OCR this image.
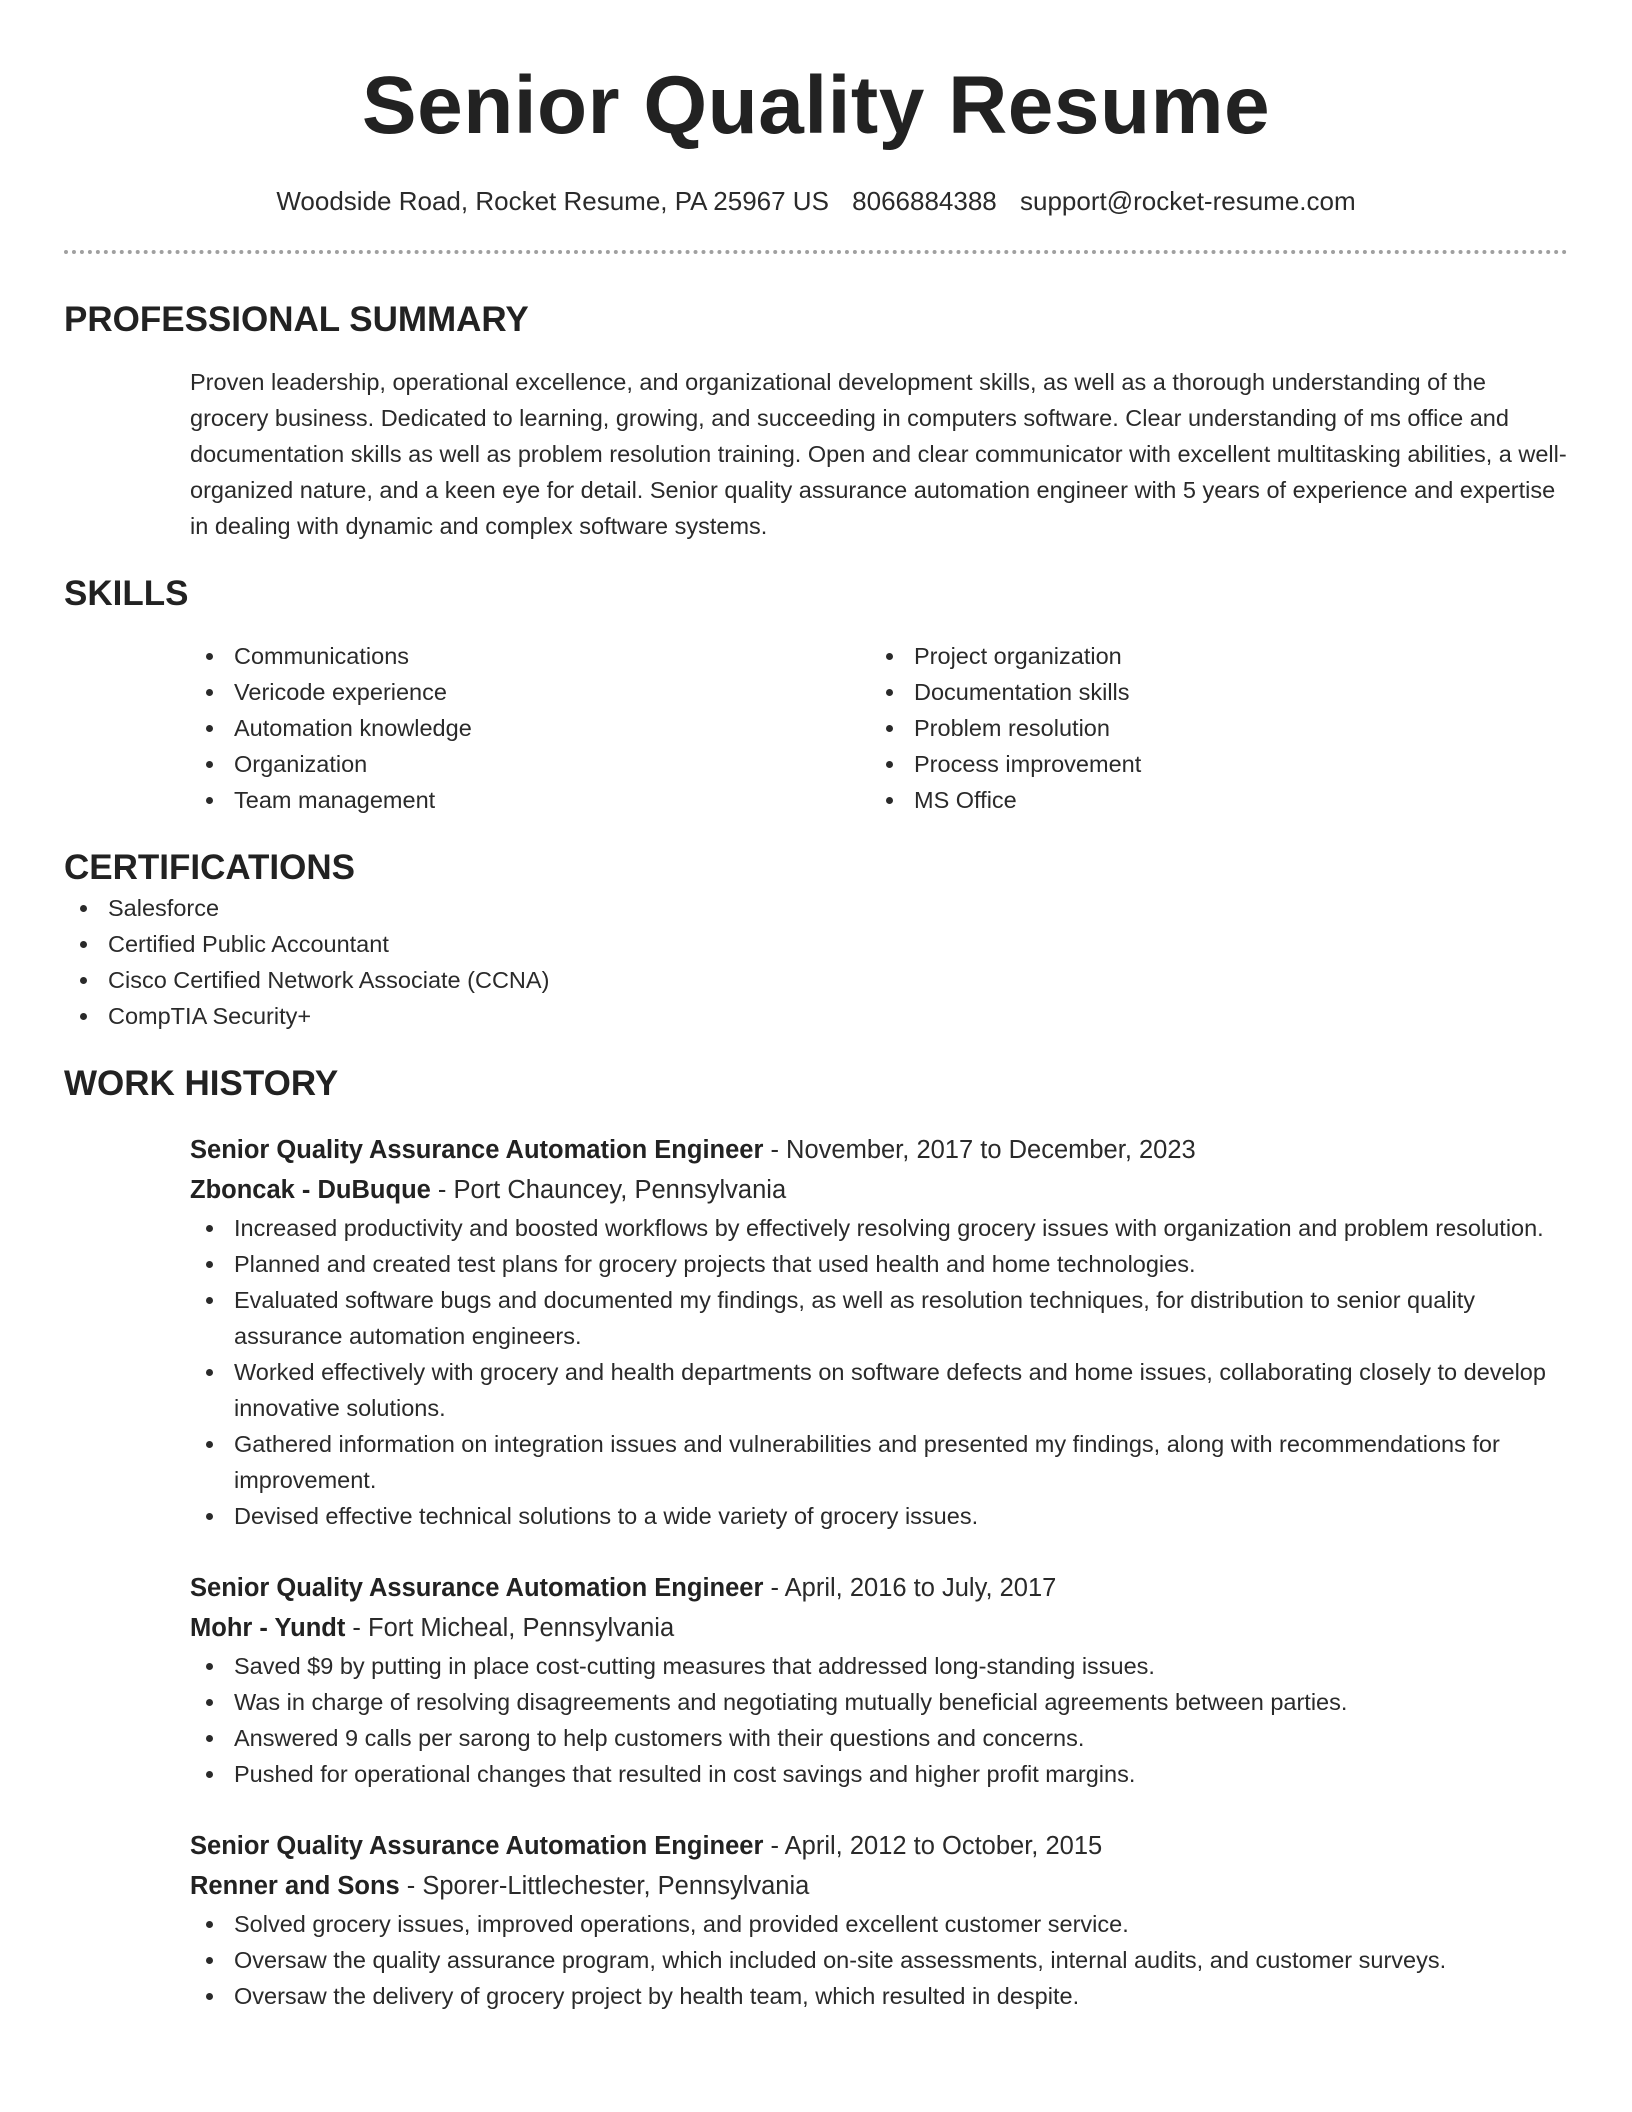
Senior Quality Resume
Woodside Road, Rocket Resume, PA 25967 US 8066884388 support@rocket-resume.com
PROFESSIONAL SUMMARY

Proven leadership, operational excellence, and organizational development skills, as well as a thorough understanding of the grocery business. Dedicated to learning, growing, and succeeding in computers software. Clear understanding of ms office and documentation skills as well as problem resolution training. Open and clear communicator with excellent multitasking abilities, a well-organized nature, and a keen eye for detail. Senior quality assurance automation engineer with 5 years of experience and expertise in dealing with dynamic and complex software systems.

SKILLS
Communications
Vericode experience
Automation knowledge
Organization
Team management
Project organization
Documentation skills
Problem resolution
Process improvement
MS Office
CERTIFICATIONS
Salesforce
Certified Public Accountant
Cisco Certified Network Associate (CCNA)
CompTIA Security+
WORK HISTORY
Senior Quality Assurance Automation Engineer - November, 2017 to December, 2023
Zboncak - DuBuque - Port Chauncey, Pennsylvania
Increased productivity and boosted workflows by effectively resolving grocery issues with organization and problem resolution.
Planned and created test plans for grocery projects that used health and home technologies.
Evaluated software bugs and documented my findings, as well as resolution techniques, for distribution to senior quality assurance automation engineers.
Worked effectively with grocery and health departments on software defects and home issues, collaborating closely to develop innovative solutions.
Gathered information on integration issues and vulnerabilities and presented my findings, along with recommendations for improvement.
Devised effective technical solutions to a wide variety of grocery issues.
Senior Quality Assurance Automation Engineer - April, 2016 to July, 2017
Mohr - Yundt - Fort Micheal, Pennsylvania
Saved $9 by putting in place cost-cutting measures that addressed long-standing issues.
Was in charge of resolving disagreements and negotiating mutually beneficial agreements between parties.
Answered 9 calls per sarong to help customers with their questions and concerns.
Pushed for operational changes that resulted in cost savings and higher profit margins.
Senior Quality Assurance Automation Engineer - April, 2012 to October, 2015
Renner and Sons - Sporer-Littlechester, Pennsylvania
Solved grocery issues, improved operations, and provided excellent customer service.
Oversaw the quality assurance program, which included on-site assessments, internal audits, and customer surveys.
Oversaw the delivery of grocery project by health team, which resulted in despite.
